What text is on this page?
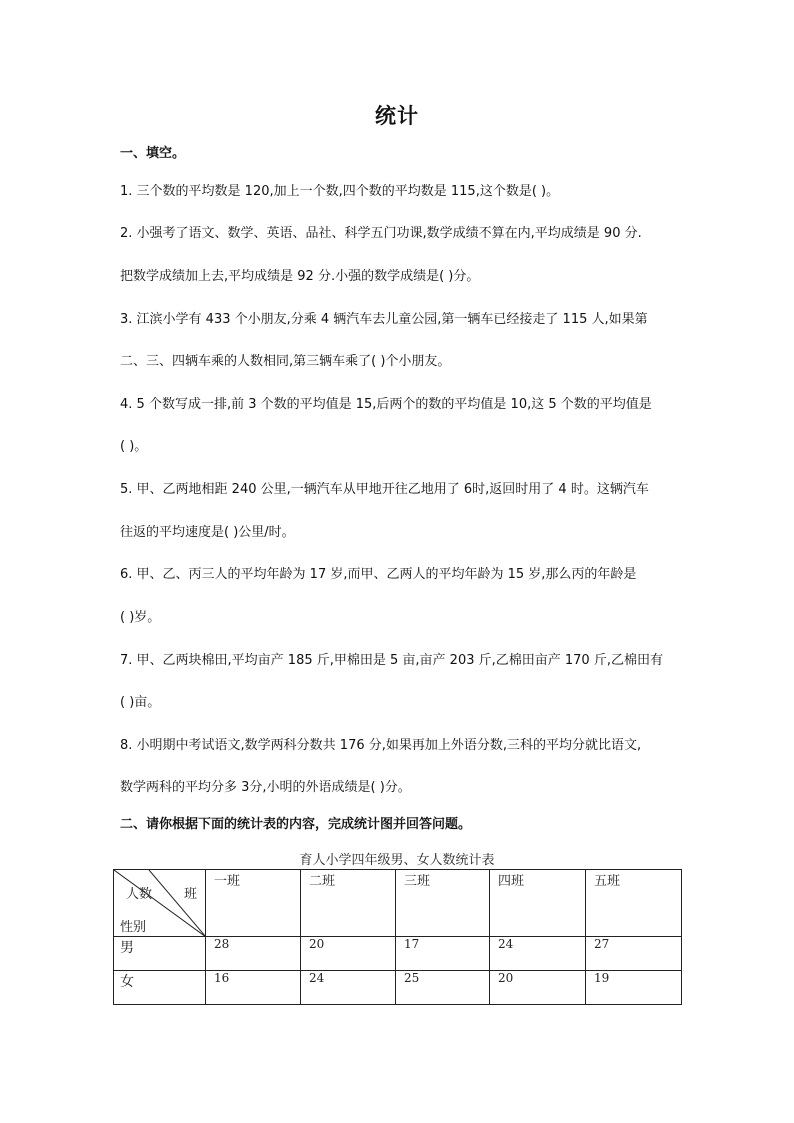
统计
一、填空。
1. 三个数的平均数是 120,加上一个数,四个数的平均数是 115,这个数是( )。
2. 小强考了语文、数学、英语、品社、科学五门功课,数学成绩不算在内,平均成绩是 90 分.
把数学成绩加上去,平均成绩是 92 分.小强的数学成绩是( )分。
3. 江滨小学有 433 个小朋友,分乘 4 辆汽车去儿童公园,第一辆车已经接走了 115 人,如果第
二、三、四辆车乘的人数相同,第三辆车乘了( )个小朋友。
4. 5 个数写成一排,前 3 个数的平均值是 15,后两个的数的平均值是 10,这 5 个数的平均值是
( )。
5. 甲、乙两地相距 240 公里,一辆汽车从甲地开往乙地用了 6时,返回时用了 4 时。这辆汽车
往返的平均速度是( )公里/时。
6. 甲、乙、丙三人的平均年龄为 17 岁,而甲、乙两人的平均年龄为 15 岁,那么丙的年龄是
( )岁。
7. 甲、乙两块棉田,平均亩产 185 斤,甲棉田是 5 亩,亩产 203 斤,乙棉田亩产 170 斤,乙棉田有
( )亩。
8. 小明期中考试语文,数学两科分数共 176 分,如果再加上外语分数,三科的平均分就比语文,
数学两科的平均分多 3分,小明的外语成绩是( )分。
二、请你根据下面的统计表的内容，完成统计图并回答问题。
育人小学四年级男、女人数统计表
人数 班
性别	一班	二班	三班	四班	五班
男	28	20	17	24	27
女	16	24	25	20	19
